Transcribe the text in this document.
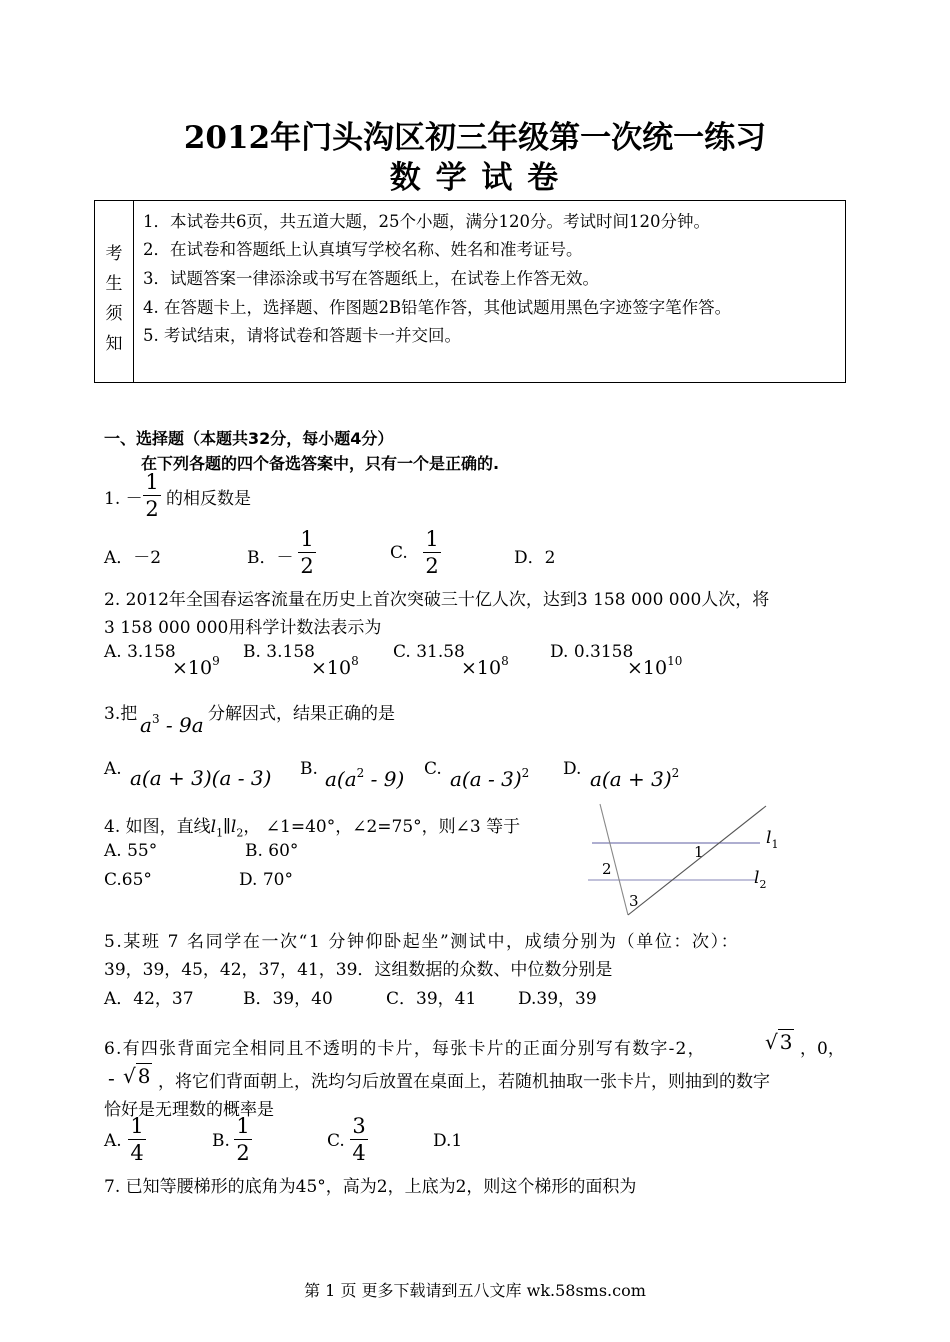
2012年门头沟区初三年级第一次统一练习
数 学 试 卷
考
生
须
知
1．本试卷共6页，共五道大题，25个小题，满分120分。考试时间120分钟。
2．在试卷和答题纸上认真填写学校名称、姓名和准考证号。
3．试题答案一律添涂或书写在答题纸上，在试卷上作答无效。
4. 在答题卡上，选择题、作图题2B铅笔作答，其他试题用黑色字迹签字笔作答。
5. 考试结束，请将试卷和答题卡一并交回。
一、选择题（本题共32分，每小题4分）
在下列各题的四个备选答案中，只有一个是正确的.
1. －
1
2 的相反数是
A．－2	B．－
1
2
C.
1
2	D．2
2. 2012年全国春运客流量在历史上首次突破三十亿人次，达到3 158 000 000人次，将
3 158 000 000用科学计数法表示为
A. 3.158
$\times 10^9$ B. 3.158
$\times 10^8$ C. 31.58
$\times 10^8$ D. 0.3158
$\times 10^{10}$
3.把 $a^3 - 9a$ 分解因式，结果正确的是
A. a(a + 3)(a - 3) B. $a(a^2 - 9)$ C. a(a - 3)$^2$ D. $a(a + 3)^2$
4. 如图，直线$l_1\parallel l_2$， ∠1=40°，∠2=75°，则∠3 等于
A. 55°	B. 60°
C.65°	D. 70°
1
2
3
$l_1$
$l_2$
5.某班 7 名同学在一次“1 分钟仰卧起坐”测试中，成绩分别为（单位：次）：
39，39，45，42，37，41，39．这组数据的众数、中位数分别是
A．42，37	B．39，40	C．39，41 D.39，39
6.有四张背面完全相同且不透明的卡片，每张卡片的正面分别写有数字-2，	√ 3 ，0，
- √ 8 ，将它们背面朝上，洗均匀后放置在桌面上，若随机抽取一张卡片，则抽到的数字
恰好是无理数的概率是
A.
1
4	B.
1
2	C.
3
4	D.1
7. 已知等腰梯形的底角为45°，高为2，上底为2，则这个梯形的面积为
第 1 页 更多下载请到五八文库 wk.58sms.com
